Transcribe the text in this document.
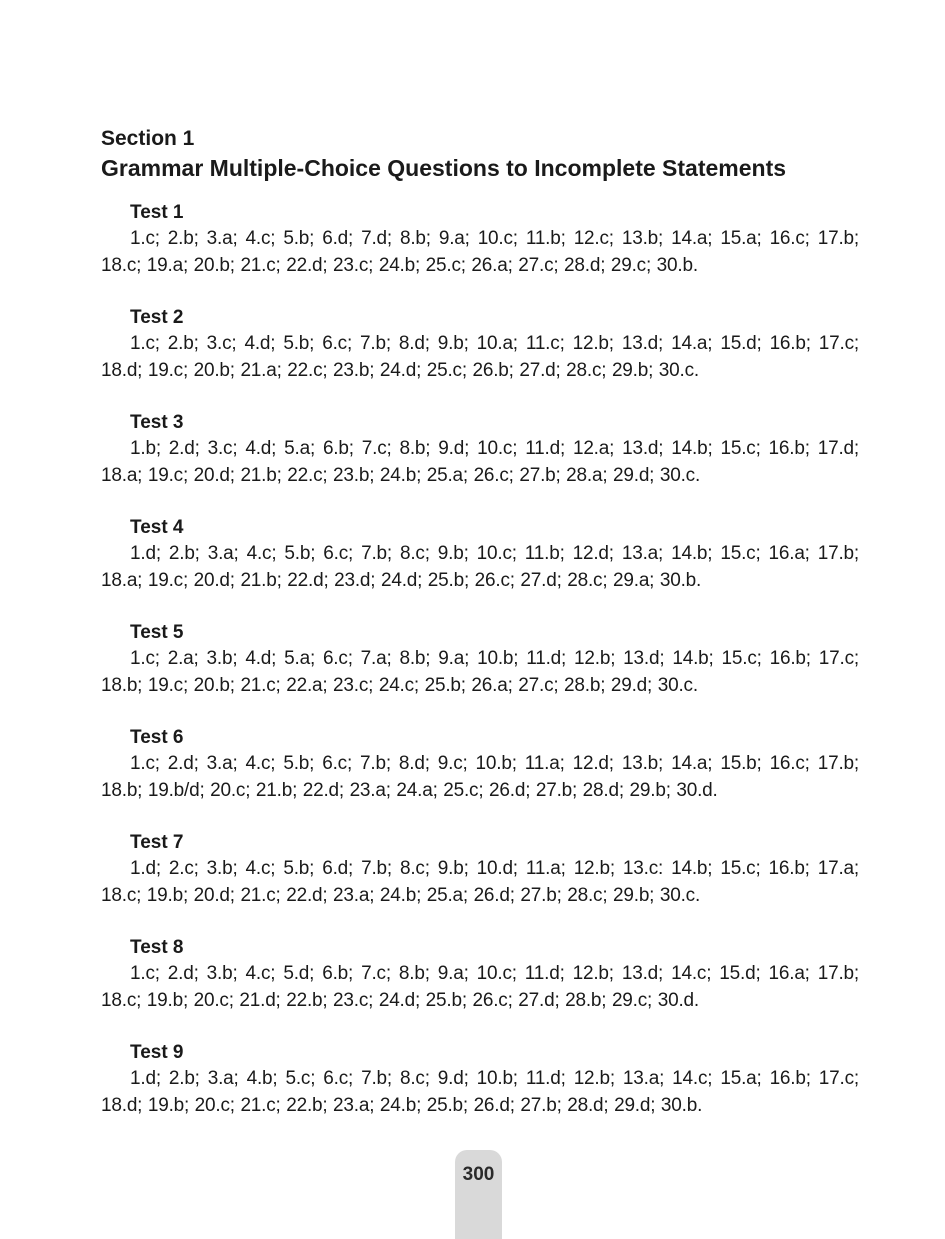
Section 1
Grammar Multiple-Choice Questions to Incomplete Statements
Test 1

1.c; 2.b; 3.a; 4.c; 5.b; 6.d; 7.d; 8.b; 9.a; 10.c; 11.b; 12.c; 13.b; 14.a; 15.a; 16.c; 17.b; 18.c; 19.a; 20.b; 21.c; 22.d; 23.c; 24.b; 25.c; 26.a; 27.c; 28.d; 29.c; 30.b.

Test 2

1.c; 2.b; 3.c; 4.d; 5.b; 6.c; 7.b; 8.d; 9.b; 10.a; 11.c; 12.b; 13.d; 14.a; 15.d; 16.b; 17.c; 18.d; 19.c; 20.b; 21.a; 22.c; 23.b; 24.d; 25.c; 26.b; 27.d; 28.c; 29.b; 30.c.

Test 3

1.b; 2.d; 3.c; 4.d; 5.a; 6.b; 7.c; 8.b; 9.d; 10.c; 11.d; 12.a; 13.d; 14.b; 15.c; 16.b; 17.d; 18.a; 19.c; 20.d; 21.b; 22.c; 23.b; 24.b; 25.a; 26.c; 27.b; 28.a; 29.d; 30.c.

Test 4

1.d; 2.b; 3.a; 4.c; 5.b; 6.c; 7.b; 8.c; 9.b; 10.c; 11.b; 12.d; 13.a; 14.b; 15.c; 16.a; 17.b; 18.a; 19.c; 20.d; 21.b; 22.d; 23.d; 24.d; 25.b; 26.c; 27.d; 28.c; 29.a; 30.b.

Test 5

1.c; 2.a; 3.b; 4.d; 5.a; 6.c; 7.a; 8.b; 9.a; 10.b; 11.d; 12.b; 13.d; 14.b; 15.c; 16.b; 17.c; 18.b; 19.c; 20.b; 21.c; 22.a; 23.c; 24.c; 25.b; 26.a; 27.c; 28.b; 29.d; 30.c.

Test 6

1.c; 2.d; 3.a; 4.c; 5.b; 6.c; 7.b; 8.d; 9.c; 10.b; 11.a; 12.d; 13.b; 14.a; 15.b; 16.c; 17.b; 18.b; 19.b/d; 20.c; 21.b; 22.d; 23.a; 24.a; 25.c; 26.d; 27.b; 28.d; 29.b; 30.d.

Test 7

1.d; 2.c; 3.b; 4.c; 5.b; 6.d; 7.b; 8.c; 9.b; 10.d; 11.a; 12.b; 13.c: 14.b; 15.c; 16.b; 17.a; 18.c; 19.b; 20.d; 21.c; 22.d; 23.a; 24.b; 25.a; 26.d; 27.b; 28.c; 29.b; 30.c.

Test 8

1.c; 2.d; 3.b; 4.c; 5.d; 6.b; 7.c; 8.b; 9.a; 10.c; 11.d; 12.b; 13.d; 14.c; 15.d; 16.a; 17.b; 18.c; 19.b; 20.c; 21.d; 22.b; 23.c; 24.d; 25.b; 26.c; 27.d; 28.b; 29.c; 30.d.

Test 9

1.d; 2.b; 3.a; 4.b; 5.c; 6.c; 7.b; 8.c; 9.d; 10.b; 11.d; 12.b; 13.a; 14.c; 15.a; 16.b; 17.c; 18.d; 19.b; 20.c; 21.c; 22.b; 23.a; 24.b; 25.b; 26.d; 27.b; 28.d; 29.d; 30.b.

300
